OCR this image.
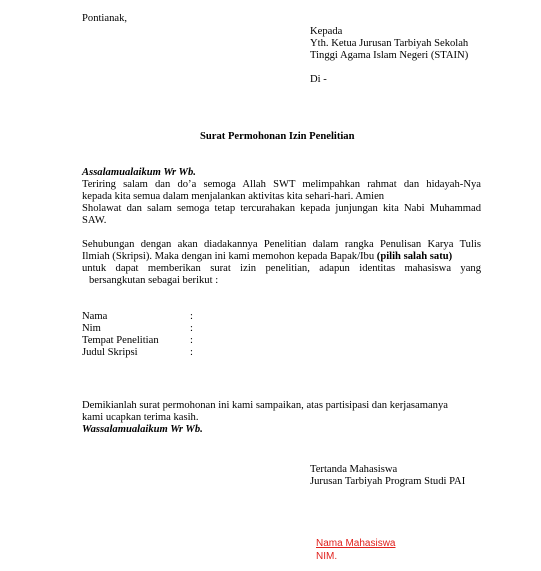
Pontianak,
Kepada
Yth. Ketua Jurusan Tarbiyah Sekolah
Tinggi Agama Islam Negeri (STAIN)
Di -
Surat Permohonan Izin Penelitian
Assalamualaikum Wr Wb.
Teriring salam dan do’a semoga Allah SWT melimpahkan rahmat dan hidayah-Nya
kepada kita semua dalam menjalankan aktivitas kita sehari-hari. Amien
Sholawat dan salam semoga tetap tercurahakan kepada junjungan kita Nabi Muhammad
SAW.
Sehubungan dengan akan diadakannya Penelitian dalam rangka Penulisan Karya Tulis
Ilmiah (Skripsi). Maka dengan ini kami memohon kepada Bapak/Ibu (pilih salah satu)
untuk dapat memberikan surat izin penelitian, adapun identitas mahasiswa yang
bersangkutan sebagai berikut :
Nama	:
Nim	:
Tempat Penelitian	:
Judul Skripsi	:
Demikianlah surat permohonan ini kami sampaikan, atas partisipasi dan kerjasamanya
kami ucapkan terima kasih.
Wassalamualaikum Wr Wb.
Tertanda Mahasiswa
Jurusan Tarbiyah Program Studi PAI
Nama Mahasiswa
NIM.
